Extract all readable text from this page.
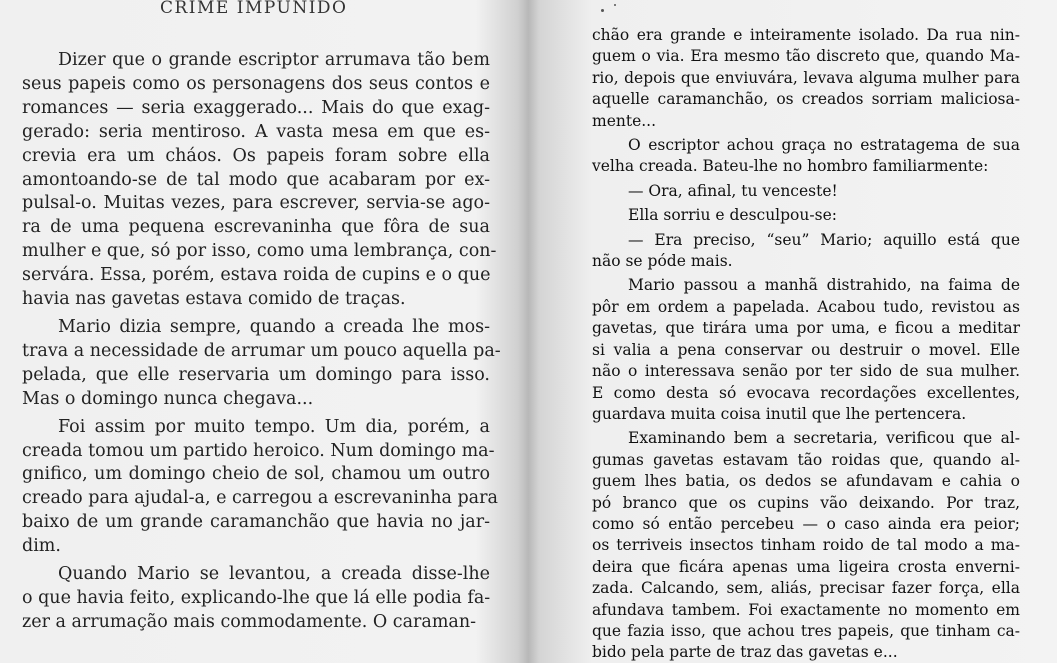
CRIME IMPUNIDO
Dizer que o grande escriptor arrumava tão bem
seus papeis como os personagens dos seus contos e
romances — seria exaggerado... Mais do que exag-
gerado: seria mentiroso. A vasta mesa em que es-
crevia era um cháos. Os papeis foram sobre ella
amontoando-se de tal modo que acabaram por ex-
pulsal-o. Muitas vezes, para escrever, servia-se ago-
ra de uma pequena escrevaninha que fôra de sua
mulher e que, só por isso, como uma lembrança, con-
servára. Essa, porém, estava roida de cupins e o que
havia nas gavetas estava comido de traças.
Mario dizia sempre, quando a creada lhe mos-
trava a necessidade de arrumar um pouco aquella pa-
pelada, que elle reservaria um domingo para isso.
Mas o domingo nunca chegava...
Foi assim por muito tempo. Um dia, porém, a
creada tomou um partido heroico. Num domingo ma-
gnifico, um domingo cheio de sol, chamou um outro
creado para ajudal-a, e carregou a escrevaninha para
baixo de um grande caramanchão que havia no jar-
dim.
Quando Mario se levantou, a creada disse-lhe
o que havia feito, explicando-lhe que lá elle podia fa-
zer a arrumação mais commodamente. O caraman-
chão era grande e inteiramente isolado. Da rua nin-
guem o via. Era mesmo tão discreto que, quando Ma-
rio, depois que enviuvára, levava alguma mulher para
aquelle caramanchão, os creados sorriam maliciosa-
mente...
O escriptor achou graça no estratagema de sua
velha creada. Bateu-lhe no hombro familiarmente:
— Ora, afinal, tu venceste!
Ella sorriu e desculpou-se:
— Era preciso, “seu” Mario; aquillo está que
não se póde mais.
Mario passou a manhã distrahido, na faima de
pôr em ordem a papelada. Acabou tudo, revistou as
gavetas, que tirára uma por uma, e ficou a meditar
si valia a pena conservar ou destruir o movel. Elle
não o interessava senão por ter sido de sua mulher.
E como desta só evocava recordações excellentes,
guardava muita coisa inutil que lhe pertencera.
Examinando bem a secretaria, verificou que al-
gumas gavetas estavam tão roidas que, quando al-
guem lhes batia, os dedos se afundavam e cahia o
pó branco que os cupins vão deixando. Por traz,
como só então percebeu — o caso ainda era peior;
os terriveis insectos tinham roido de tal modo a ma-
deira que ficára apenas uma ligeira crosta enverni-
zada. Calcando, sem, aliás, precisar fazer força, ella
afundava tambem. Foi exactamente no momento em
que fazia isso, que achou tres papeis, que tinham ca-
bido pela parte de traz das gavetas e...
